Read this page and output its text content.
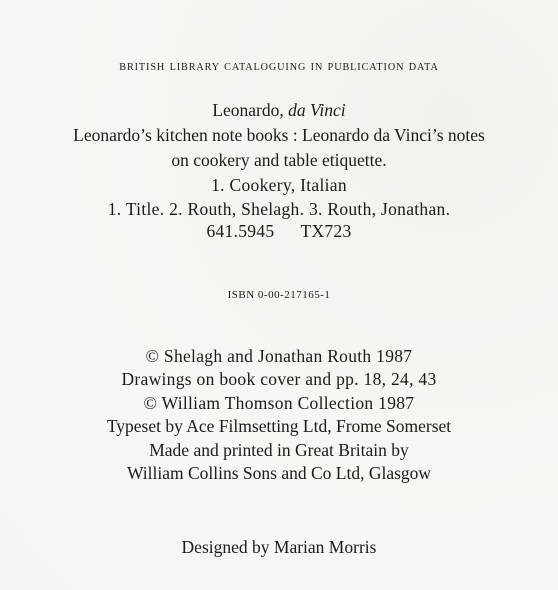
BRITISH LIBRARY CATALOGUING IN PUBLICATION DATA
Leonardo, da Vinci
Leonardo’s kitchen note books : Leonardo da Vinci’s notes
on cookery and table etiquette.
1. Cookery, Italian
1. Title. 2. Routh, Shelagh. 3. Routh, Jonathan.
641.5945 TX723
ISBN 0-00-217165-1
© Shelagh and Jonathan Routh 1987
Drawings on book cover and pp. 18, 24, 43
© William Thomson Collection 1987
Typeset by Ace Filmsetting Ltd, Frome Somerset
Made and printed in Great Britain by
William Collins Sons and Co Ltd, Glasgow
Designed by Marian Morris
